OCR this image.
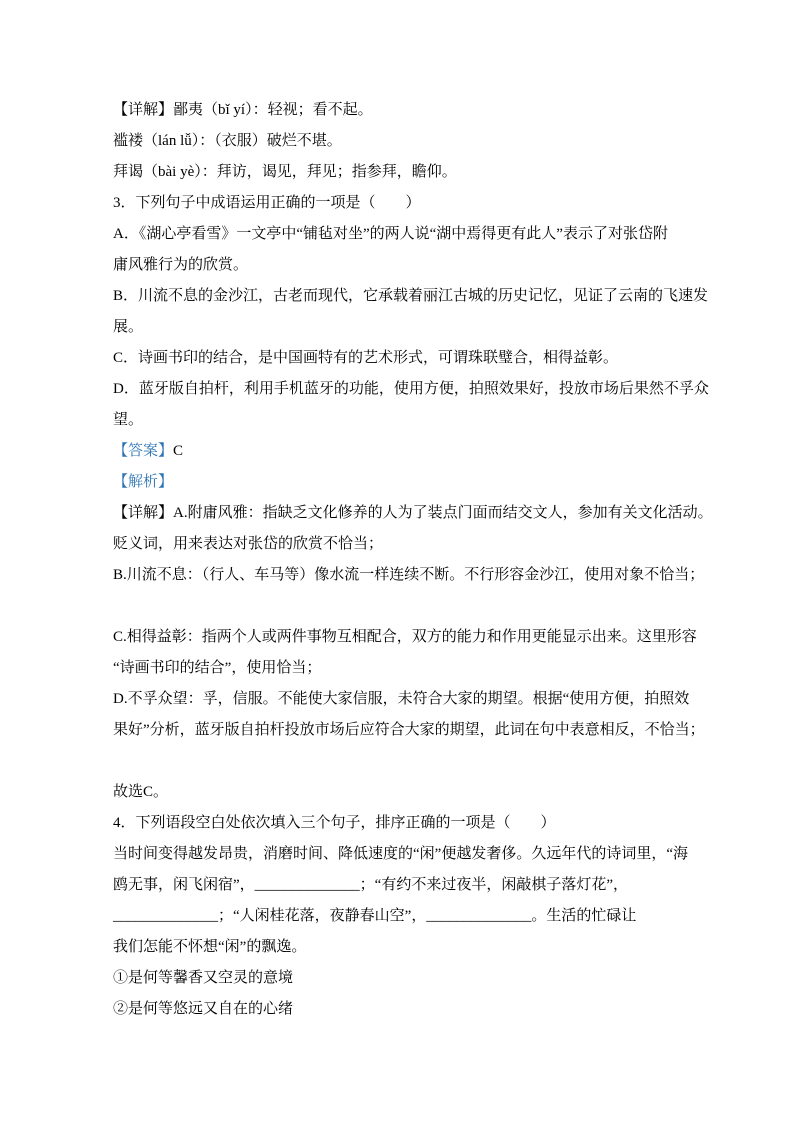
【详解】鄙夷（bǐ yí）：轻视；看不起。
褴褛（lán lǚ）：（衣服）破烂不堪。
拜谒（bài yè）：拜访，谒见，拜见；指参拜，瞻仰。
3．下列句子中成语运用正确的一项是（　　）
A．《湖心亭看雪》一文亭中“铺毡对坐”的两人说“湖中焉得更有此人”表示了对张岱附
庸风雅行为的欣赏。
B．川流不息的金沙江，古老而现代，它承载着丽江古城的历史记忆，见证了云南的飞速发
展。
C．诗画书印的结合，是中国画特有的艺术形式，可谓珠联璧合，相得益彰。
D．蓝牙版自拍杆，利用手机蓝牙的功能，使用方便，拍照效果好，投放市场后果然不孚众
望。
【答案】C
【解析】
【详解】A.附庸风雅：指缺乏文化修养的人为了装点门面而结交文人，参加有关文化活动。
贬义词，用来表达对张岱的欣赏不恰当；
B.川流不息：（行人、车马等）像水流一样连续不断。不行形容金沙江，使用对象不恰当；
C.相得益彰：指两个人或两件事物互相配合，双方的能力和作用更能显示出来。这里形容
“诗画书印的结合”，使用恰当；
D.不孚众望：孚，信服。不能使大家信服，未符合大家的期望。根据“使用方便，拍照效
果好”分析，蓝牙版自拍杆投放市场后应符合大家的期望，此词在句中表意相反，不恰当；
故选C。
4．下列语段空白处依次填入三个句子，排序正确的一项是（　　）
当时间变得越发昂贵，消磨时间、降低速度的“闲”便越发奢侈。久远年代的诗词里，“海
鸥无事，闲飞闲宿”，______________；“有约不来过夜半，闲敲棋子落灯花”，
______________；“人闲桂花落，夜静春山空”，______________。生活的忙碌让
我们怎能不怀想“闲”的飘逸。
①是何等馨香又空灵的意境
②是何等悠远又自在的心绪
